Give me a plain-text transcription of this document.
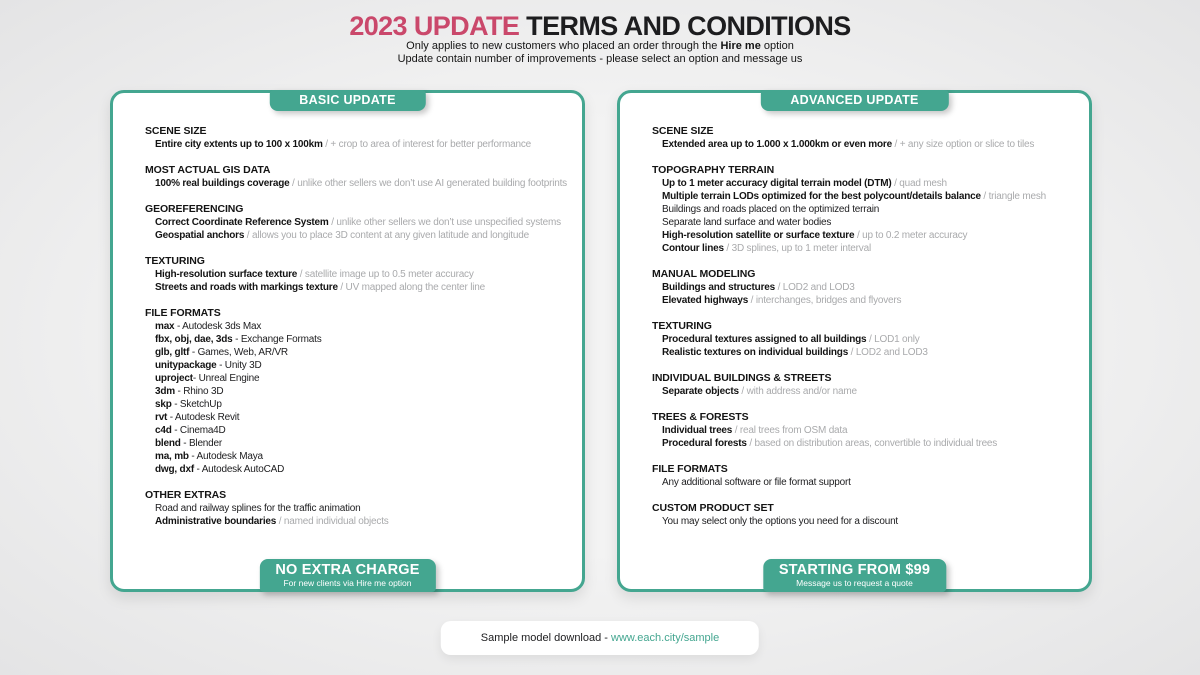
2023 UPDATE TERMS AND CONDITIONS
Only applies to new customers who placed an order through the Hire me option
Update contain number of improvements - please select an option and message us
BASIC UPDATE
SCENE SIZE
Entire city extents up to 100 x 100km / + crop to area of interest for better performance
MOST ACTUAL GIS DATA
100% real buildings coverage / unlike other sellers we don’t use AI generated building footprints
GEOREFERENCING
Correct Coordinate Reference System / unlike other sellers we don’t use unspecified systems
Geospatial anchors / allows you to place 3D content at any given latitude and longitude
TEXTURING
High-resolution surface texture / satellite image up to 0.5 meter accuracy
Streets and roads with markings texture / UV mapped along the center line
FILE FORMATS
max - Autodesk 3ds Max
fbx, obj, dae, 3ds - Exchange Formats
glb, gltf - Games, Web, AR/VR
unitypackage - Unity 3D
uproject- Unreal Engine
3dm - Rhino 3D
skp - SketchUp
rvt - Autodesk Revit
c4d - Cinema4D
blend - Blender
ma, mb - Autodesk Maya
dwg, dxf - Autodesk AutoCAD
OTHER EXTRAS
Road and railway splines for the traffic animation
Administrative boundaries / named individual objects
NO EXTRA CHARGE
For new clients via Hire me option
ADVANCED UPDATE
SCENE SIZE
Extended area up to 1.000 x 1.000km or even more / + any size option or slice to tiles
TOPOGRAPHY TERRAIN
Up to 1 meter accuracy digital terrain model (DTM) / quad mesh
Multiple terrain LODs optimized for the best polycount/details balance / triangle mesh
Buildings and roads placed on the optimized terrain
Separate land surface and water bodies
High-resolution satellite or surface texture / up to 0.2 meter accuracy
Contour lines / 3D splines, up to 1 meter interval
MANUAL MODELING
Buildings and structures / LOD2 and LOD3
Elevated highways / interchanges, bridges and flyovers
TEXTURING
Procedural textures assigned to all buildings / LOD1 only
Realistic textures on individual buildings / LOD2 and LOD3
INDIVIDUAL BUILDINGS & STREETS
Separate objects / with address and/or name
TREES & FORESTS
Individual trees / real trees from OSM data
Procedural forests / based on distribution areas, convertible to individual trees
FILE FORMATS
Any additional software or file format support
CUSTOM PRODUCT SET
You may select only the options you need for a discount
STARTING FROM $99
Message us to request a quote
Sample model download - www.each.city/sample
